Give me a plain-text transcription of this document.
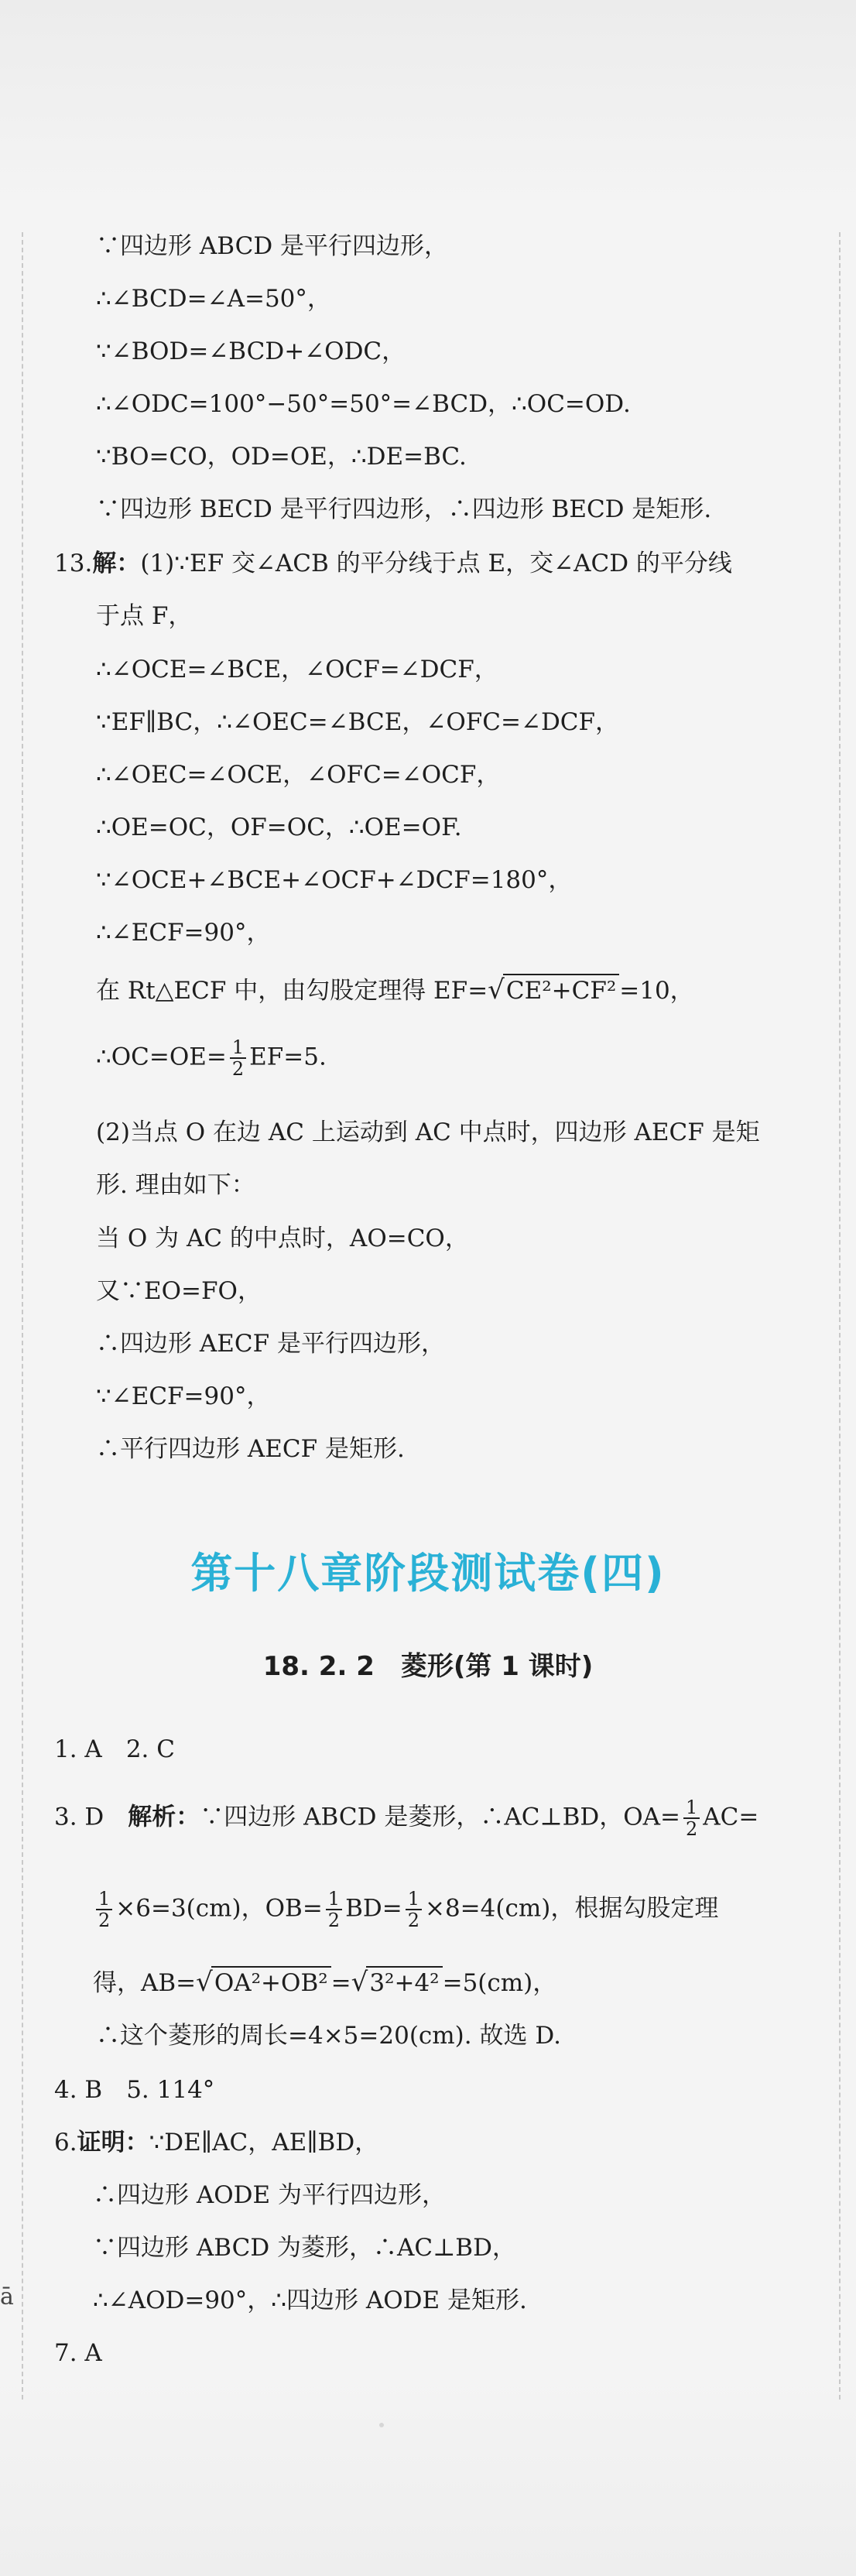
ā
∵四边形 ABCD 是平行四边形，
∴∠BCD=∠A=50°，
∵∠BOD=∠BCD+∠ODC，
∴∠ODC=100°−50°=50°=∠BCD，∴OC=OD.
∵BO=CO，OD=OE，∴DE=BC.
∵四边形 BECD 是平行四边形，∴四边形 BECD 是矩形.
13.解：(1)∵EF 交∠ACB 的平分线于点 E，交∠ACD 的平分线
于点 F，
∴∠OCE=∠BCE，∠OCF=∠DCF，
∵EF∥BC，∴∠OEC=∠BCE，∠OFC=∠DCF，
∴∠OEC=∠OCE，∠OFC=∠OCF，
∴OE=OC，OF=OC，∴OE=OF.
∵∠OCE+∠BCE+∠OCF+∠DCF=180°，
∴∠ECF=90°，
在 Rt△ECF 中，由勾股定理得 EF=√CE²+CF² =10，
∴OC=OE= $\frac{1}{2} EF=5$.
(2)当点 O 在边 AC 上运动到 AC 中点时，四边形 AECF 是矩
形. 理由如下：
当 O 为 AC 的中点时，AO=CO，
又∵EO=FO，
∴四边形 AECF 是平行四边形，
∵∠ECF=90°，
∴平行四边形 AECF 是矩形.
第十八章阶段测试卷(四)
18. 2. 2　菱形(第 1 课时)
1. A　2. C
3. D　 解析：∵四边形 ABCD 是菱形，∴AC⊥BD，$OA= \frac{1}{2} AC=$
$\frac{1}{2} \times 6=3(cm)$，$OB= \frac{1}{2} BD= \frac{1}{2} \times 8=4(cm)$，根据勾股定理
得，AB=√OA²+OB² =√3²+4² =5(cm)，
∴这个菱形的周长=4×5=20(cm). 故选 D.
4. B　5. 114°
6.证明：∵DE∥AC，AE∥BD，
∴四边形 AODE 为平行四边形，
∵四边形 ABCD 为菱形，∴AC⊥BD，
∴∠AOD=90°，∴四边形 AODE 是矩形.
7. A
